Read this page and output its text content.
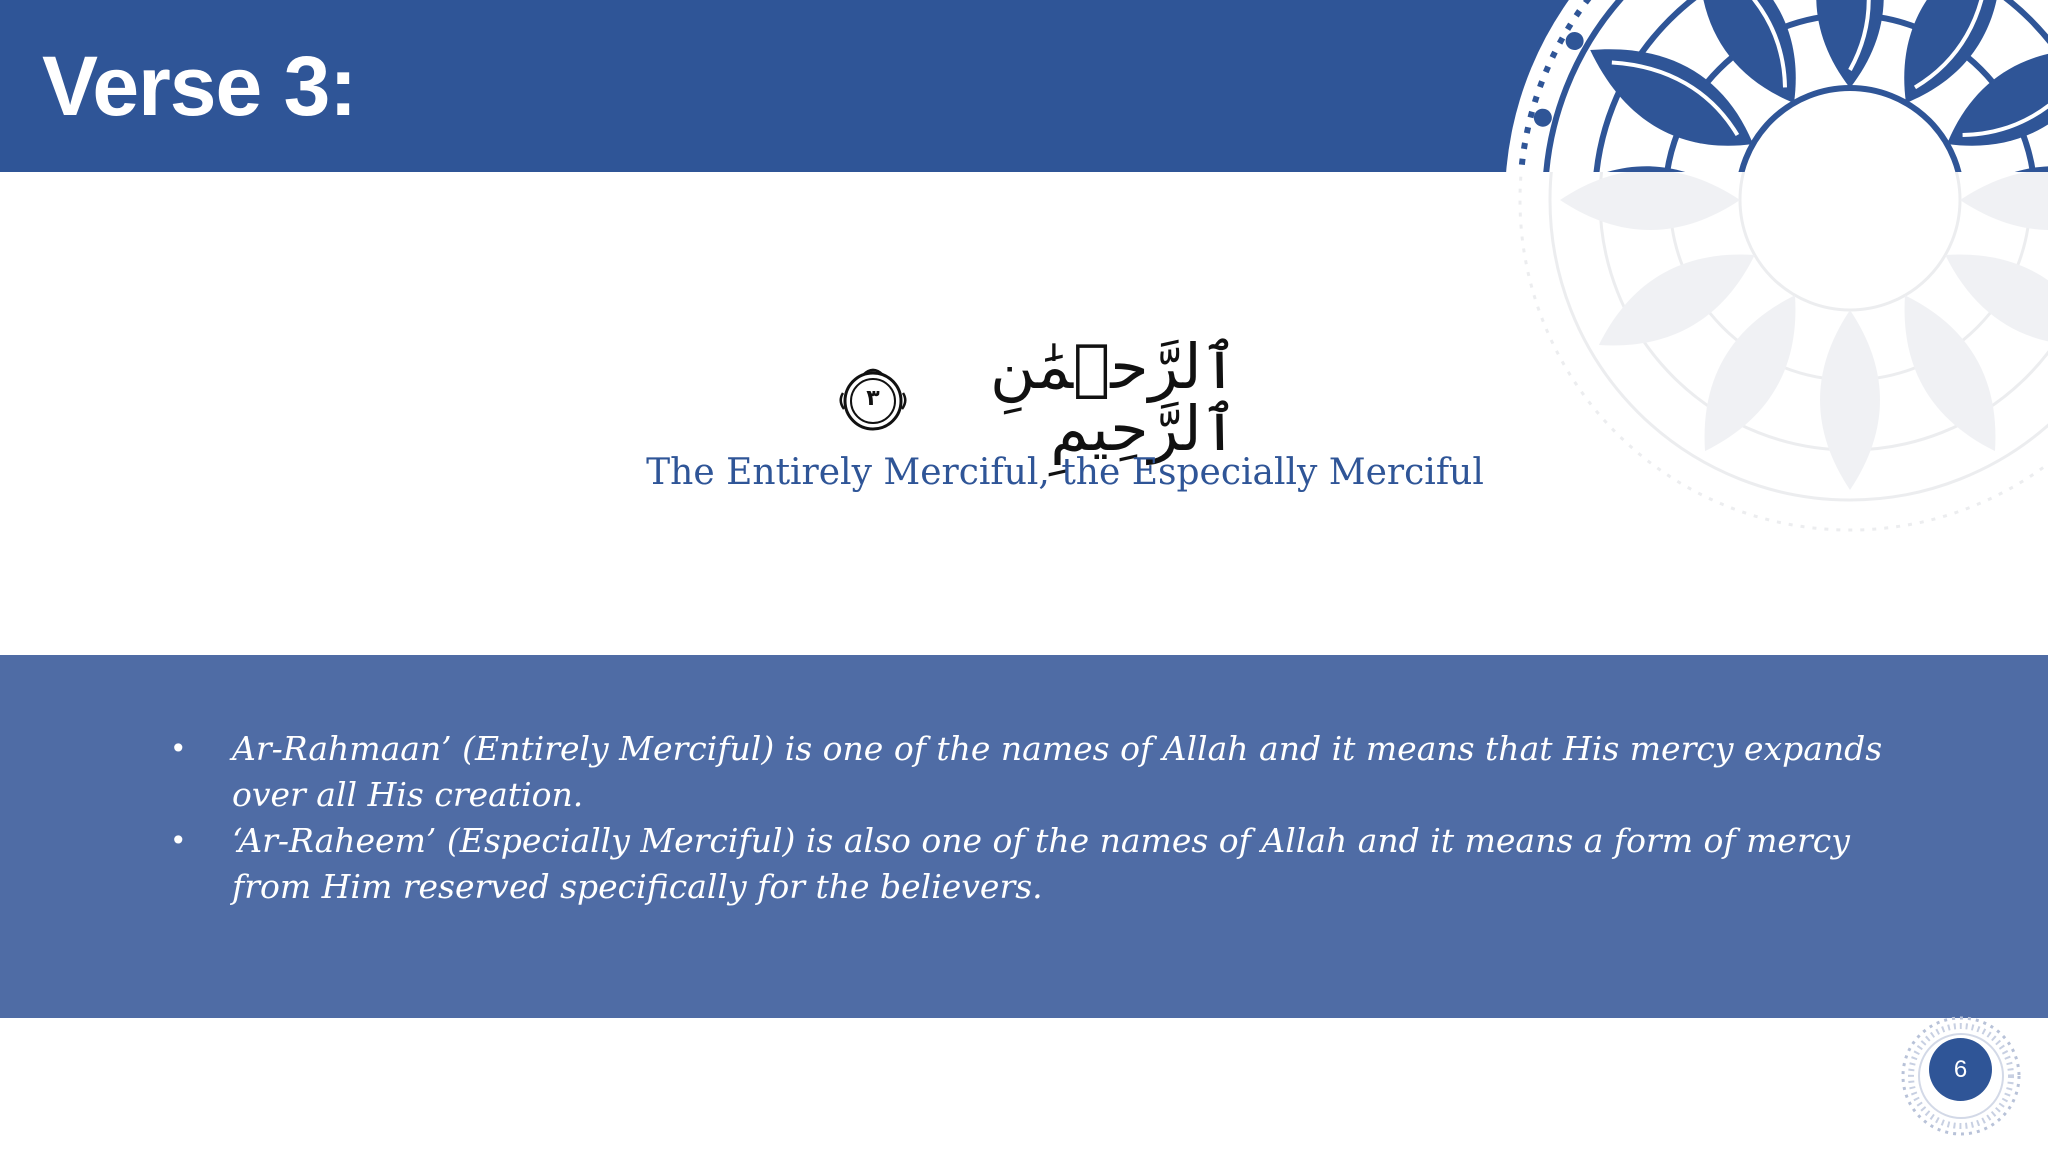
Verse 3:
ٱلرَّحۡمَٰنِ ٱلرَّحِيمِ
٣
The Entirely Merciful, the Especially Merciful
• Ar-Rahmaan’ (Entirely Merciful) is one of the names of Allah and it means that His mercy expands over all His creation.
• ‘Ar-Raheem’ (Especially Merciful) is also one of the names of Allah and it means a form of mercy from Him reserved specifically for the believers.
6
